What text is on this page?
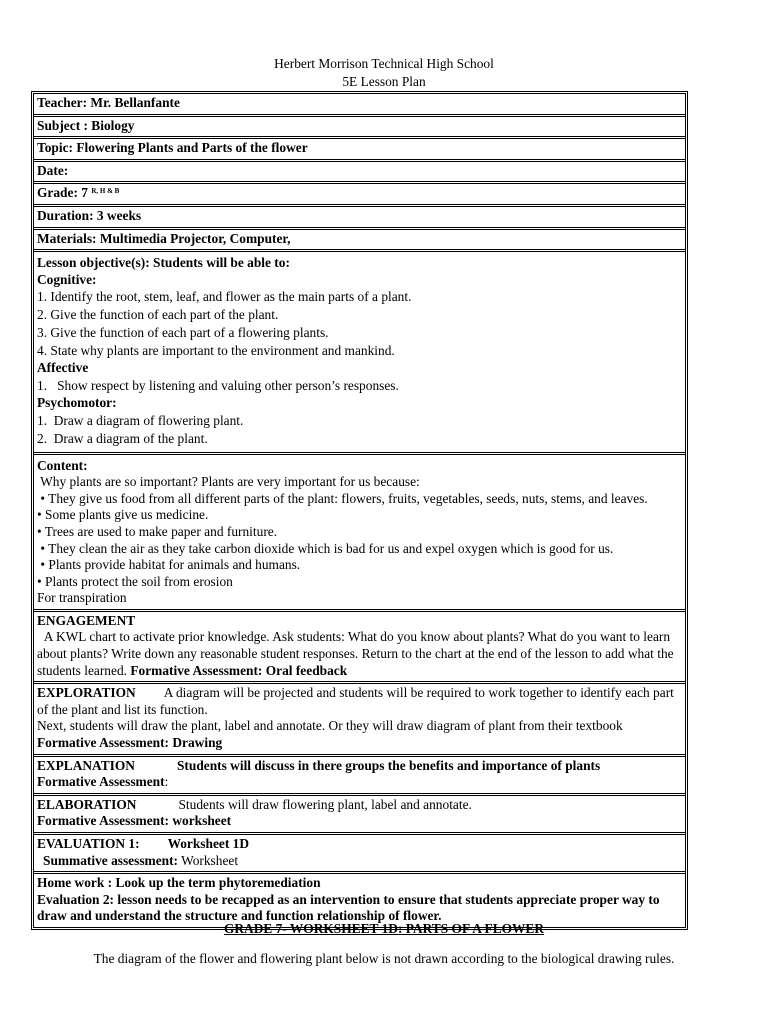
Herbert Morrison Technical High School
5E Lesson Plan
Teacher: Mr. Bellanfante
Subject : Biology
Topic: Flowering Plants and Parts of the flower
Date:
Grade: 7 $^{R, H \& B}$
Duration: 3 weeks
Materials: Multimedia Projector, Computer,
Lesson objective(s): Students will be able to:
Cognitive:
1. Identify the root, stem, leaf, and flower as the main parts of a plant.
2. Give the function of each part of the plant.
3. Give the function of each part of a flowering plants.
4. State why plants are important to the environment and mankind.
Affective
1.   Show respect by listening and valuing other person’s responses.
Psychomotor:
1.  Draw a diagram of flowering plant.
2.  Draw a diagram of the plant.
Content:
Why plants are so important? Plants are very important for us because:
• They give us food from all different parts of the plant: flowers, fruits, vegetables, seeds, nuts, stems, and leaves.
• Some plants give us medicine.
• Trees are used to make paper and furniture.
• They clean the air as they take carbon dioxide which is bad for us and expel oxygen which is good for us.
• Plants provide habitat for animals and humans.
• Plants protect the soil from erosion
For transpiration
ENGAGEMENT
A KWL chart to activate prior knowledge. Ask students: What do you know about plants? What do you want to learn about plants? Write down any reasonable student responses. Return to the chart at the end of the lesson to add what the students learned. Formative Assessment: Oral feedback
EXPLORATION A diagram will be projected and students will be required to work together to identify each part of the plant and list its function.
Next, students will draw the plant, label and annotate. Or they will draw diagram of plant from their textbook
Formative Assessment: Drawing
EXPLANATION	Students will discuss in there groups the benefits and importance of plants
Formative Assessment:
ELABORATION	Students will draw flowering plant, label and annotate.
Formative Assessment: worksheet
EVALUATION 1: Worksheet 1D
Summative assessment: Worksheet
Home work : Look up the term phytoremediation
Evaluation 2: lesson needs to be recapped as an intervention to ensure that students appreciate proper way to draw and understand the structure and function relationship of flower.
GRADE 7- WORKSHEET 1D: PARTS OF A FLOWER
The diagram of the flower and flowering plant below is not drawn according to the biological drawing rules.
